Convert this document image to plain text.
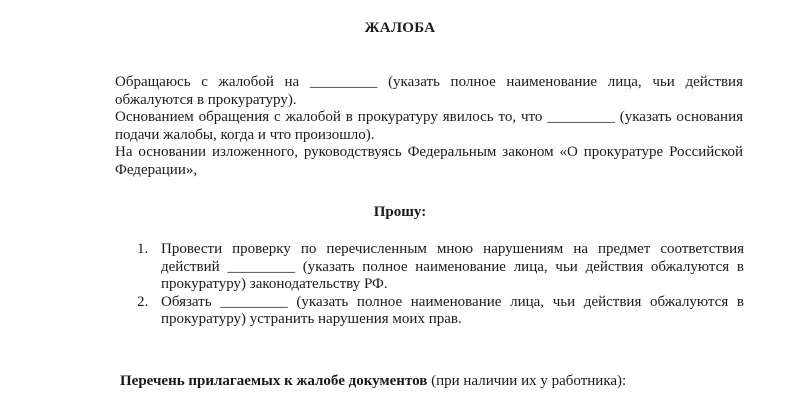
ЖАЛОБА

Обращаюсь с жалобой на _________ (указать полное наименование лица, чьи действия обжалуются в прокуратуру).

Основанием обращения с жалобой в прокуратуру явилось то, что _________ (указать основания подачи жалобы, когда и что произошло).

На основании изложенного, руководствуясь Федеральным законом «О прокуратуре Российской Федерации»,

Прошу:
1. Провести проверку по перечисленным мною нарушениям на предмет соответствия действий _________ (указать полное наименование лица, чьи действия обжалуются в прокуратуру) законодательству РФ.
2. Обязать _________ (указать полное наименование лица, чьи действия обжалуются в прокуратуру) устранить нарушения моих прав.
Перечень прилагаемых к жалобе документов (при наличии их у работника):
